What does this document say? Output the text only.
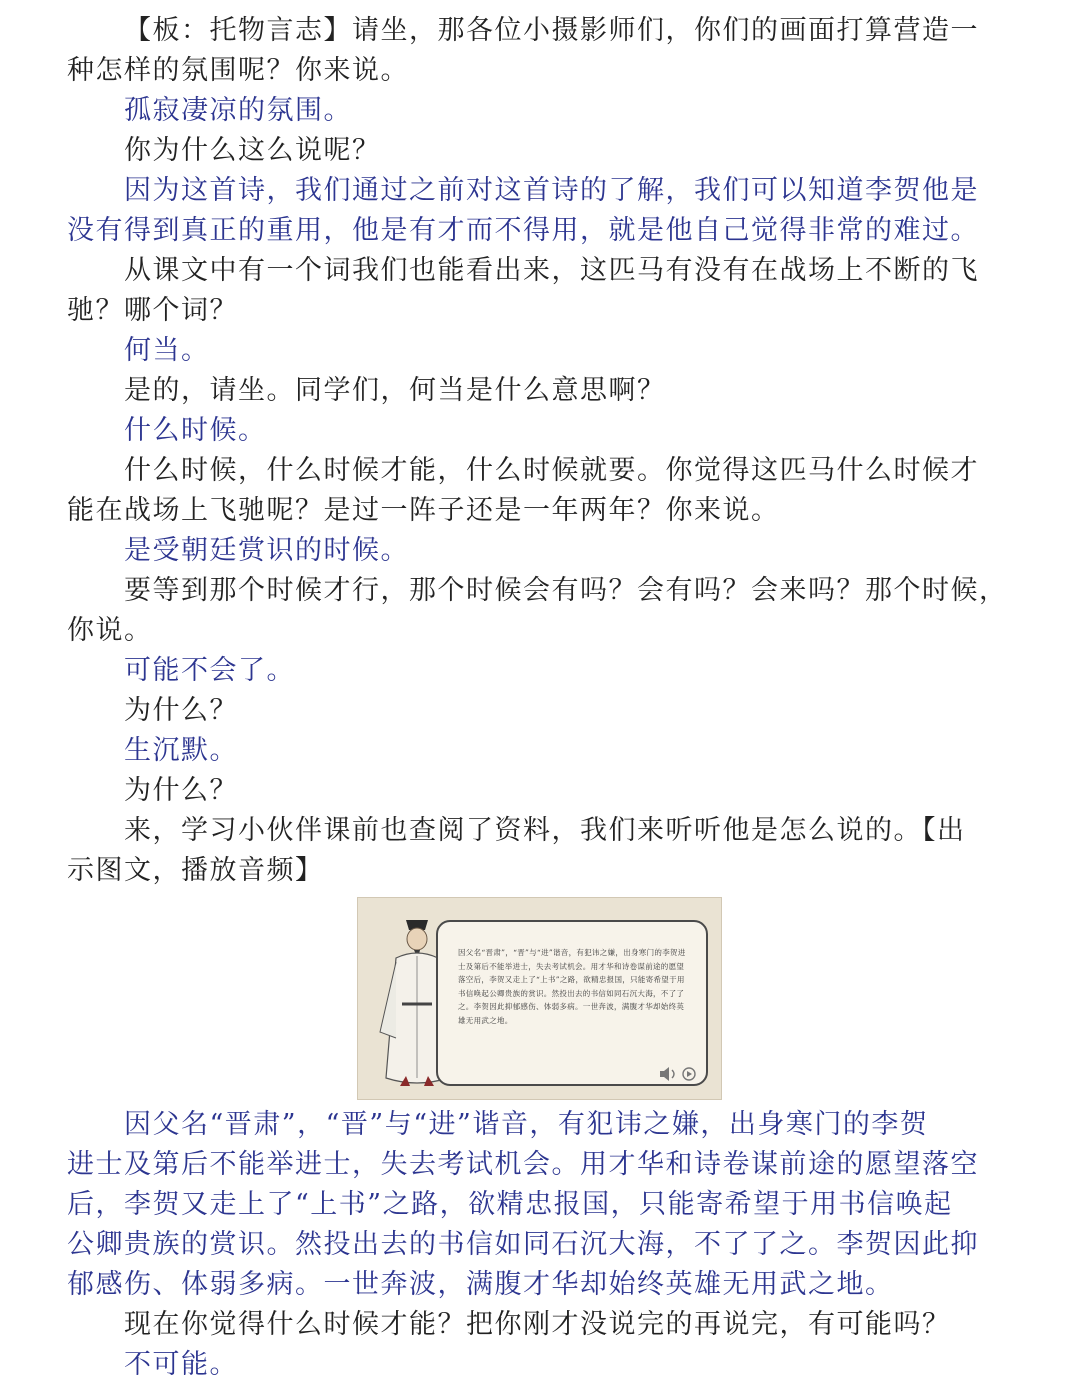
【板：托物言志】请坐，那各位小摄影师们，你们的画面打算营造一
种怎样的氛围呢？你来说。
孤寂凄凉的氛围。
你为什么这么说呢？
因为这首诗，我们通过之前对这首诗的了解，我们可以知道李贺他是
没有得到真正的重用，他是有才而不得用，就是他自己觉得非常的难过。
从课文中有一个词我们也能看出来，这匹马有没有在战场上不断的飞
驰？哪个词？
何当。
是的，请坐。同学们，何当是什么意思啊？
什么时候。
什么时候，什么时候才能，什么时候就要。你觉得这匹马什么时候才
能在战场上飞驰呢？是过一阵子还是一年两年？你来说。
是受朝廷赏识的时候。
要等到那个时候才行，那个时候会有吗？会有吗？会来吗？那个时候，
你说。
可能不会了。
为什么？
生沉默。
为什么？
来，学习小伙伴课前也查阅了资料，我们来听听他是怎么说的。【出
示图文，播放音频】
因父名“晋肃”，“晋”与“进”谐音，有犯讳之嫌，出身寒门的李贺进士及第后不能举进士，失去考试机会。用才华和诗卷谋前途的愿望落空后，李贺又走上了“上书”之路，欲精忠报国，只能寄希望于用书信唤起公卿贵族的赏识。然投出去的书信如同石沉大海，不了了之。李贺因此抑郁感伤、体弱多病。一世奔波，满腹才华却始终英雄无用武之地。
因父名“晋肃”，“晋”与“进”谐音，有犯讳之嫌，出身寒门的李贺
进士及第后不能举进士，失去考试机会。用才华和诗卷谋前途的愿望落空
后，李贺又走上了“上书”之路，欲精忠报国，只能寄希望于用书信唤起
公卿贵族的赏识。然投出去的书信如同石沉大海，不了了之。李贺因此抑
郁感伤、体弱多病。一世奔波，满腹才华却始终英雄无用武之地。
现在你觉得什么时候才能？把你刚才没说完的再说完，有可能吗？
不可能。
